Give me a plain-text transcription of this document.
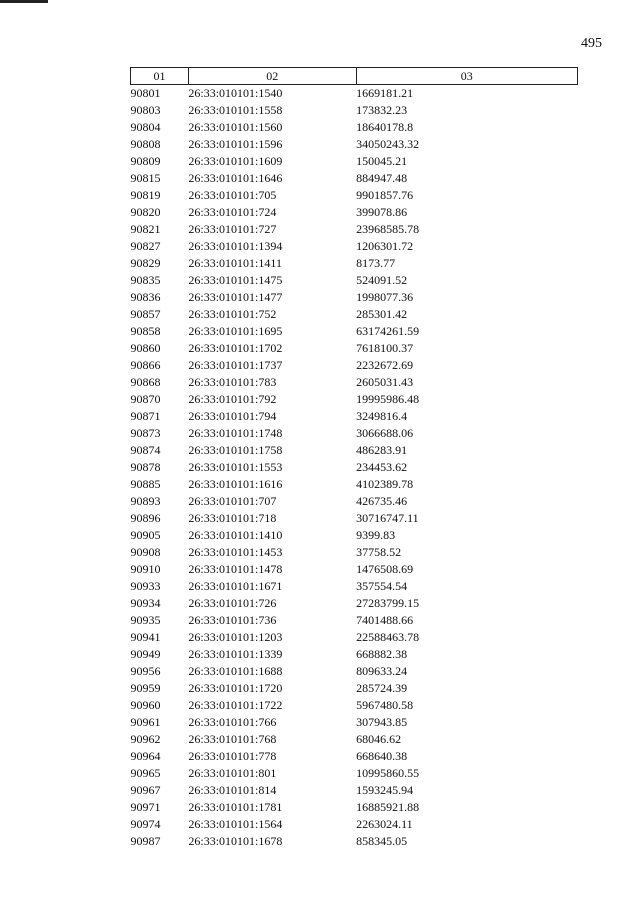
495
01	02	03
90801	26:33:010101:1540	1669181.21
90803	26:33:010101:1558	173832.23
90804	26:33:010101:1560	18640178.8
90808	26:33:010101:1596	34050243.32
90809	26:33:010101:1609	150045.21
90815	26:33:010101:1646	884947.48
90819	26:33:010101:705	9901857.76
90820	26:33:010101:724	399078.86
90821	26:33:010101:727	23968585.78
90827	26:33:010101:1394	1206301.72
90829	26:33:010101:1411	8173.77
90835	26:33:010101:1475	524091.52
90836	26:33:010101:1477	1998077.36
90857	26:33:010101:752	285301.42
90858	26:33:010101:1695	63174261.59
90860	26:33:010101:1702	7618100.37
90866	26:33:010101:1737	2232672.69
90868	26:33:010101:783	2605031.43
90870	26:33:010101:792	19995986.48
90871	26:33:010101:794	3249816.4
90873	26:33:010101:1748	3066688.06
90874	26:33:010101:1758	486283.91
90878	26:33:010101:1553	234453.62
90885	26:33:010101:1616	4102389.78
90893	26:33:010101:707	426735.46
90896	26:33:010101:718	30716747.11
90905	26:33:010101:1410	9399.83
90908	26:33:010101:1453	37758.52
90910	26:33:010101:1478	1476508.69
90933	26:33:010101:1671	357554.54
90934	26:33:010101:726	27283799.15
90935	26:33:010101:736	7401488.66
90941	26:33:010101:1203	22588463.78
90949	26:33:010101:1339	668882.38
90956	26:33:010101:1688	809633.24
90959	26:33:010101:1720	285724.39
90960	26:33:010101:1722	5967480.58
90961	26:33:010101:766	307943.85
90962	26:33:010101:768	68046.62
90964	26:33:010101:778	668640.38
90965	26:33:010101:801	10995860.55
90967	26:33:010101:814	1593245.94
90971	26:33:010101:1781	16885921.88
90974	26:33:010101:1564	2263024.11
90987	26:33:010101:1678	858345.05
